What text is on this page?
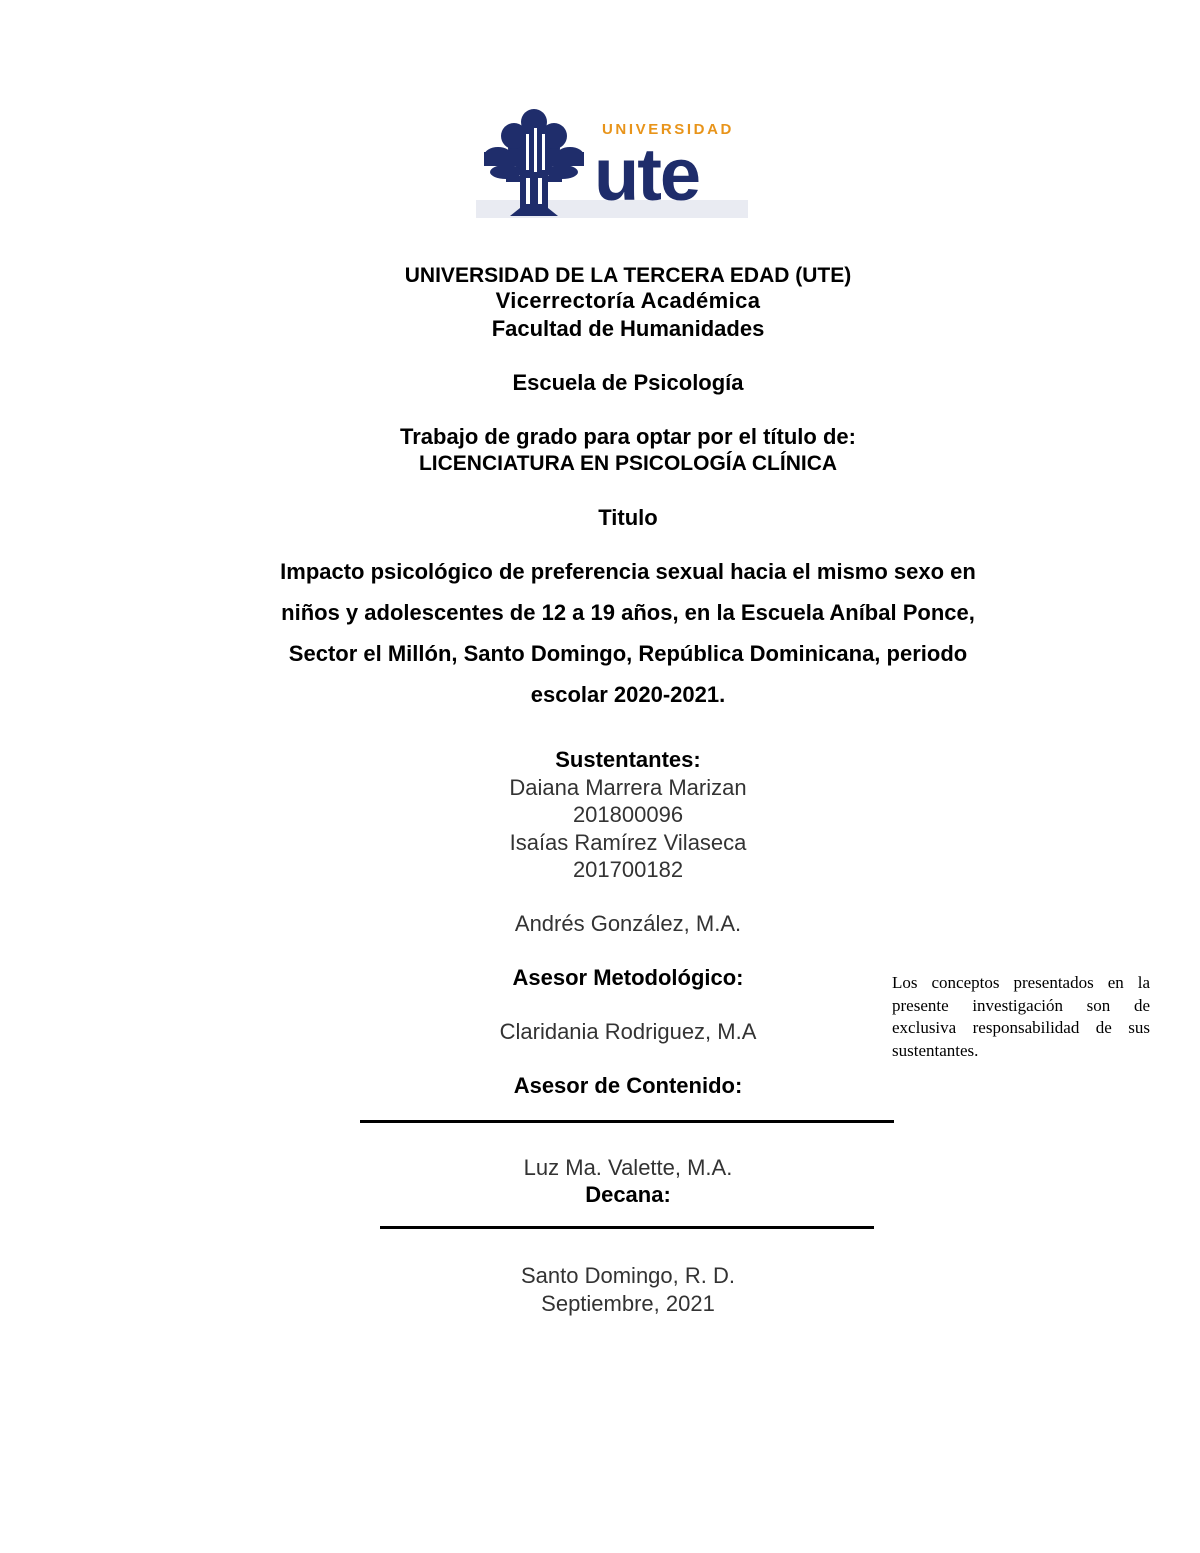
UNIVERSIDAD
ute
UNIVERSIDAD DE LA TERCERA EDAD (UTE)
Vicerrectoría Académica
Facultad de Humanidades
Escuela de Psicología
Trabajo de grado para optar por el título de:
LICENCIATURA EN PSICOLOGÍA CLÍNICA
Titulo
Impacto psicológico de preferencia sexual hacia el mismo sexo en
niños y adolescentes de 12 a 19 años, en la Escuela Aníbal Ponce,
Sector el Millón, Santo Domingo, República Dominicana, periodo
escolar 2020-2021.
Sustentantes:
Daiana Marrera Marizan
201800096
Isaías Ramírez Vilaseca
201700182
Andrés González, M.A.
Asesor Metodológico:
Claridania Rodriguez, M.A
Asesor de Contenido:
Luz Ma. Valette, M.A.
Decana:
Santo Domingo, R. D.
Septiembre, 2021
Los conceptos presentados en la presente investigación son de exclusiva responsabilidad de sus sustentantes.
